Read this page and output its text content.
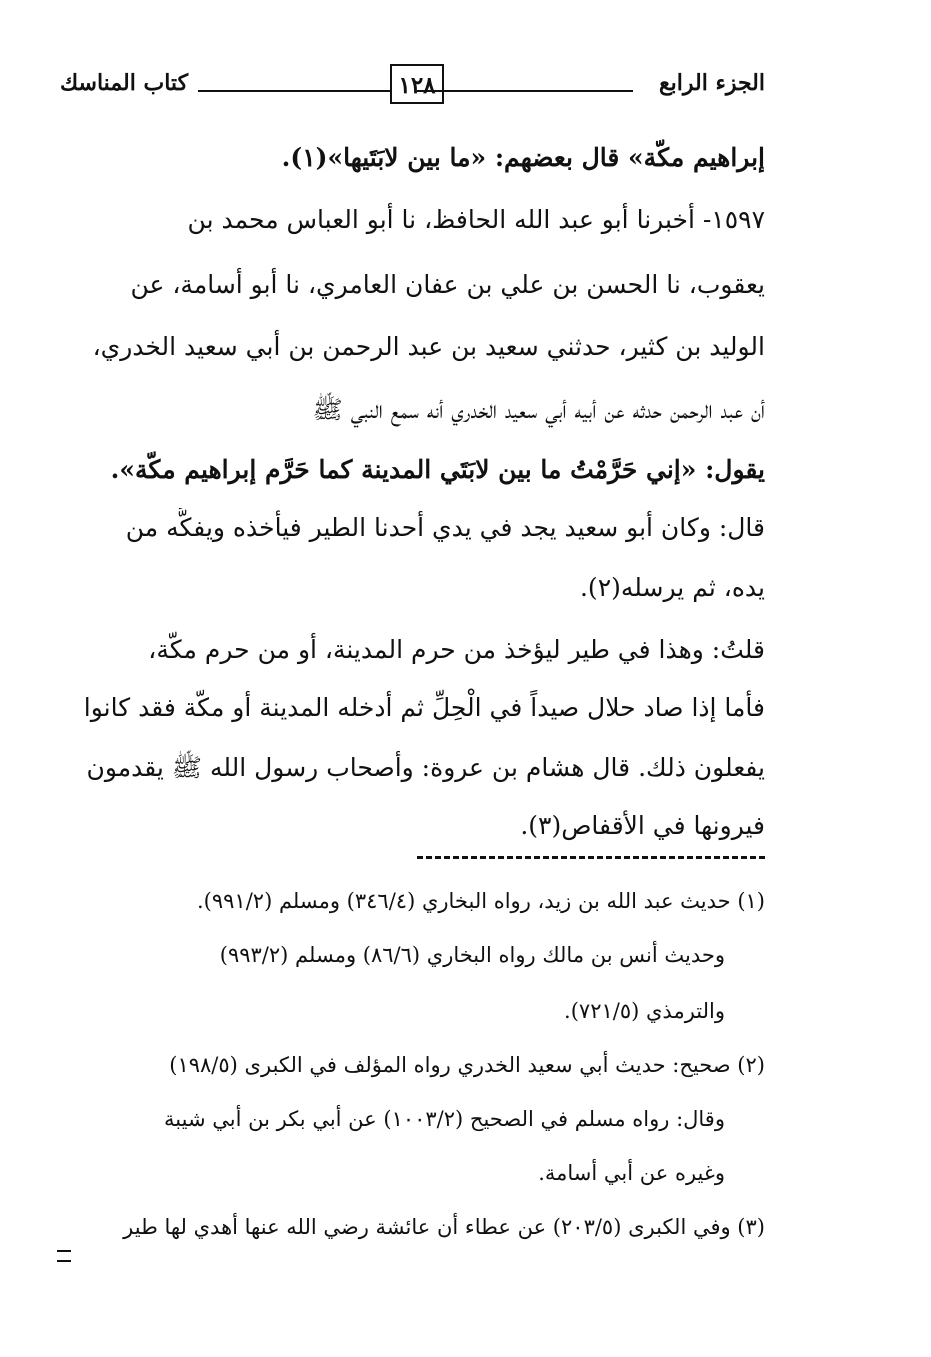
الجزء الرابع
١٢٨
كتاب المناسك
إبراهيم مكّة» قال بعضهم: «ما بين لابَتَيها»(١).
١٥٩٧- أخبرنا أبو عبد الله الحافظ، نا أبو العباس محمد بن
يعقوب، نا الحسن بن علي بن عفان العامري، نا أبو أسامة، عن
الوليد بن كثير، حدثني سعيد بن عبد الرحمن بن أبي سعيد الخدري،
أن عبد الرحمن حدثه عن أبيه أبي سعيد الخدري أنه سمع النبي ﷺ
يقول: «إني حَرَّمْتُ ما بين لابَتَي المدينة كما حَرَّم إبراهيم مكّة».
قال: وكان أبو سعيد يجد في يدي أحدنا الطير فيأخذه ويفكُّه من
يده، ثم يرسله(٢).
قلتُ: وهذا في طير ليؤخذ من حرم المدينة، أو من حرم مكّة،
فأما إذا صاد حلال صيداً في الْحِلِّ ثم أدخله المدينة أو مكّة فقد كانوا
يفعلون ذلك. قال هشام بن عروة: وأصحاب رسول الله ﷺ يقدمون
فيرونها في الأقفاص(٣).
(١) حديث عبد الله بن زيد، رواه البخاري (٣٤٦/٤) ومسلم (٩٩١/٢).
وحديث أنس بن مالك رواه البخاري (٨٦/٦) ومسلم (٩٩٣/٢)
والترمذي (٧٢١/٥).
(٢) صحيح: حديث أبي سعيد الخدري رواه المؤلف في الكبرى (١٩٨/٥)
وقال: رواه مسلم في الصحيح (١٠٠٣/٢) عن أبي بكر بن أبي شيبة
وغيره عن أبي أسامة.
(٣) وفي الكبرى (٢٠٣/٥) عن عطاء أن عائشة رضي الله عنها أهدي لها طير
